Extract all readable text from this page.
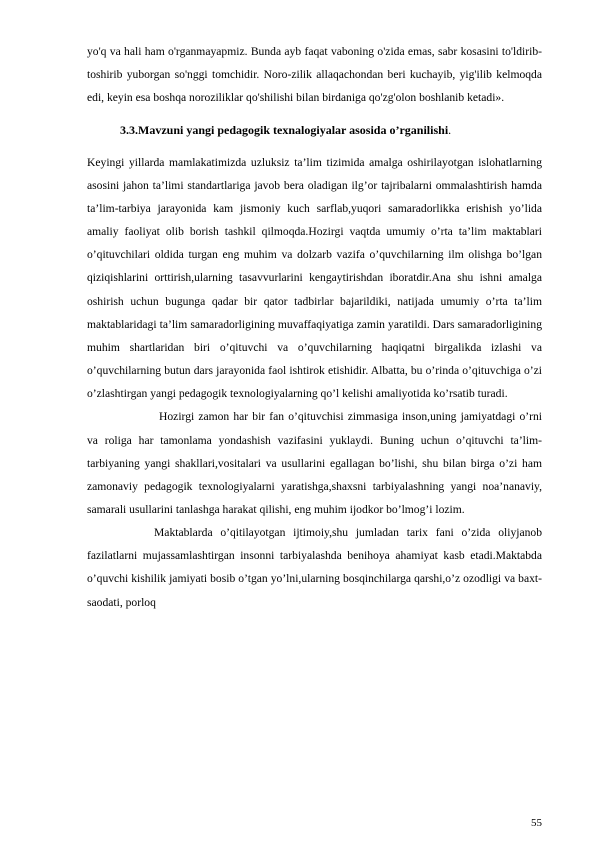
yo'q va hali ham o'rganmayapmiz. Bunda ayb faqat vaboning o'zida emas, sabr kosasini to'ldirib-toshirib yuborgan so'nggi tomchidir. Noro-zilik allaqachondan beri kuchayib, yig'ilib kelmoqda edi, keyin esa boshqa noroziliklar qo'shilishi bilan birdaniga qo'zg'olon boshlanib ketadi».

3.3.Mavzuni yangi pedagogik texnalogiyalar asosida o’rganilishi.

Keyingi yillarda mamlakatimizda uzluksiz ta’lim tizimida amalga oshirilayotgan islohatlarning asosini jahon ta’limi standartlariga javob bera oladigan ilg’or tajribalarni ommalashtirish hamda ta’lim-tarbiya jarayonida kam jismoniy kuch sarflab,yuqori samaradorlikka erishish yo’lida amaliy faoliyat olib borish tashkil qilmoqda.Hozirgi vaqtda umumiy o’rta ta’lim maktablari o’qituvchilari oldida turgan eng muhim va dolzarb vazifa o’quvchilarning ilm olishga bo’lgan qiziqishlarini orttirish,ularning tasavvurlarini kengaytirishdan iboratdir.Ana shu ishni amalga oshirish uchun bugunga qadar bir qator tadbirlar bajarildiki, natijada umumiy o’rta ta’lim maktablaridagi ta’lim samaradorligining muvaffaqiyatiga zamin yaratildi. Dars samaradorligining muhim shartlaridan biri o’qituvchi va o’quvchilarning haqiqatni birgalikda izlashi va o’quvchilarning butun dars jarayonida faol ishtirok etishidir. Albatta, bu o’rinda o’qituvchiga o’zi o’zlashtirgan yangi pedagogik texnologiyalarning qo’l kelishi amaliyotida ko’rsatib turadi.

Hozirgi zamon har bir fan o’qituvchisi zimmasiga inson,uning jamiyatdagi o’rni va roliga har tamonlama yondashish vazifasini yuklaydi. Buning uchun o’qituvchi ta’lim-tarbiyaning yangi shakllari,vositalari va usullarini egallagan bo’lishi, shu bilan birga o’zi ham zamonaviy pedagogik texnologiyalarni yaratishga,shaxsni tarbiyalashning yangi noa’nanaviy, samarali usullarini tanlashga harakat qilishi, eng muhim ijodkor bo’lmog’i lozim.

Maktablarda o’qitilayotgan ijtimoiy,shu jumladan tarix fani o’zida oliyjanob fazilatlarni mujassamlashtirgan insonni tarbiyalashda benihoya ahamiyat kasb etadi.Maktabda o’quvchi kishilik jamiyati bosib o’tgan yo’lni,ularning bosqinchilarga qarshi,o’z ozodligi va baxt- saodati, porloq

55
